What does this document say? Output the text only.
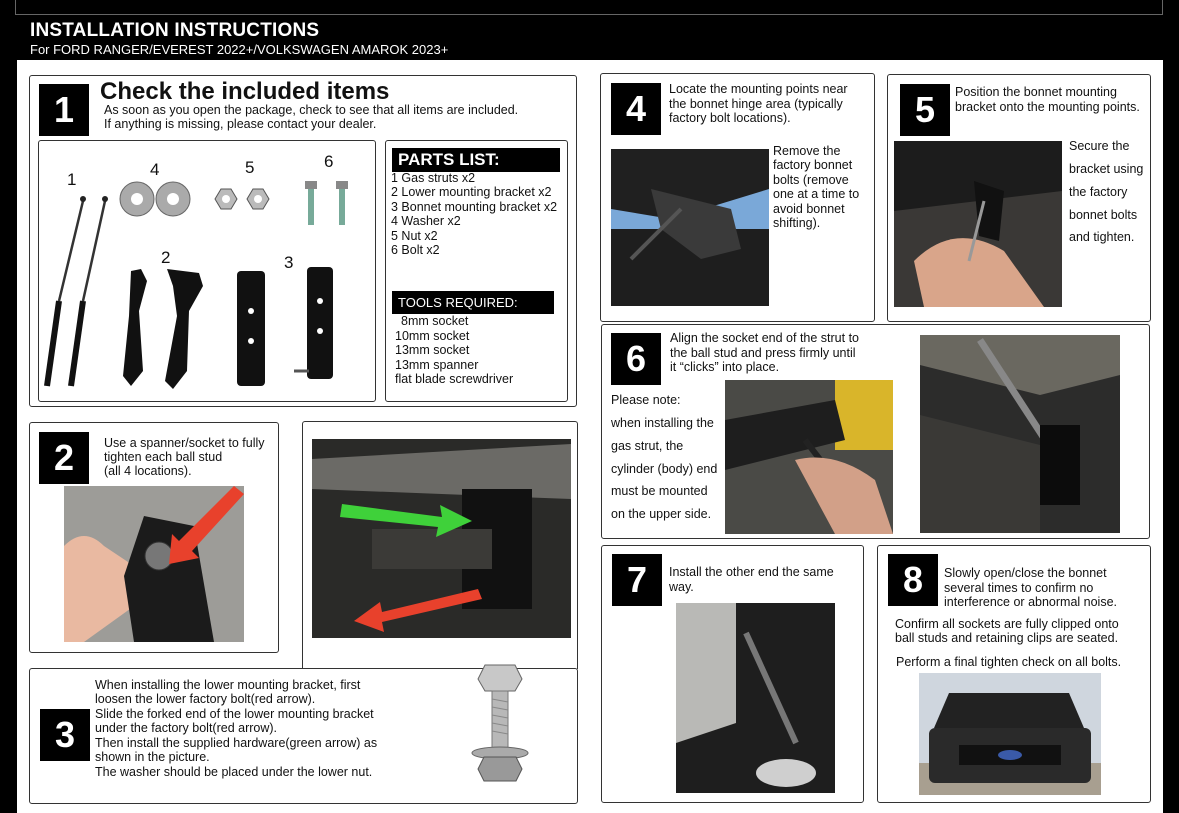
INSTALLATION INSTRUCTIONS
For FORD RANGER/EVEREST 2022+/VOLKSWAGEN AMAROK 2023+
1	Check the included items
As soon as you open the package, check to see that all items are included.
If anything is missing, please contact your dealer.
1
2	3
4	5	6	PARTS LIST:
1 Gas struts x2
2 Lower mounting bracket x2
3 Bonnet mounting bracket x2
4 Washer x2
5 Nut x2
6 Bolt x2
TOOLS REQUIRED:
8mm socket
10mm socket
13mm socket
13mm spanner
flat blade screwdriver
2	Use a spanner/socket to fully
tighten each ball stud
(all 4 locations).
3
When installing the lower mounting bracket, first
loosen the lower factory bolt(red arrow).
Slide the forked end of the lower mounting bracket
under the factory bolt(red arrow).
Then install the supplied hardware(green arrow) as
shown in the picture.
The washer should be placed under the lower nut.
4	Locate the mounting points near
the bonnet hinge area (typically
factory bolt locations).
Remove the
factory bonnet
bolts (remove
one at a time to
avoid bonnet
shifting).
5	Position the bonnet mounting
bracket onto the mounting points.
Secure the
bracket using
the factory
bonnet bolts
and tighten.
6	Align the socket end of the strut to
the ball stud and press firmly until
it “clicks” into place.
Please note:
when installing the
gas strut, the
cylinder (body) end
must be mounted
on the upper side.
7	Install the other end the same
way.	8	Slowly open/close the bonnet
several times to confirm no
interference or abnormal noise.
Confirm all sockets are fully clipped onto
ball studs and retaining clips are seated.
Perform a final tighten check on all bolts.
